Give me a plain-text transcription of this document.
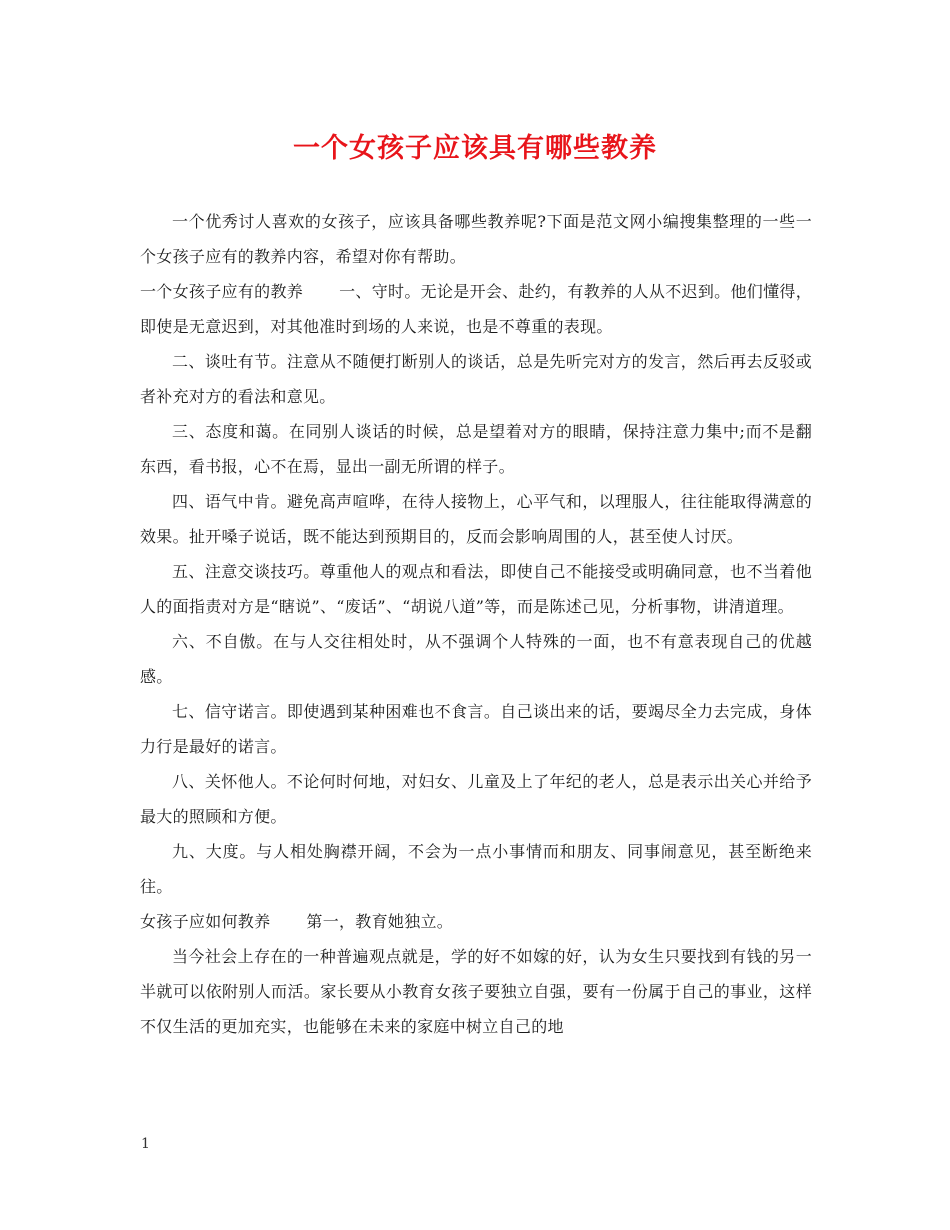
一个女孩子应该具有哪些教养

一个优秀讨人喜欢的女孩子，应该具备哪些教养呢?下面是范文网小编搜集整理的一些一个女孩子应有的教养内容，希望对你有帮助。

一个女孩子应有的教养 一、守时。无论是开会、赴约，有教养的人从不迟到。他们懂得，即使是无意迟到，对其他准时到场的人来说，也是不尊重的表现。

二、谈吐有节。注意从不随便打断别人的谈话，总是先听完对方的发言，然后再去反驳或者补充对方的看法和意见。

三、态度和蔼。在同别人谈话的时候，总是望着对方的眼睛，保持注意力集中;而不是翻东西，看书报，心不在焉，显出一副无所谓的样子。

四、语气中肯。避免高声喧哗，在待人接物上，心平气和，以理服人，往往能取得满意的效果。扯开嗓子说话，既不能达到预期目的，反而会影响周围的人，甚至使人讨厌。

五、注意交谈技巧。尊重他人的观点和看法，即使自己不能接受或明确同意，也不当着他人的面指责对方是“瞎说”、“废话”、“胡说八道”等，而是陈述己见，分析事物，讲清道理。

六、不自傲。在与人交往相处时，从不强调个人特殊的一面，也不有意表现自己的优越感。

七、信守诺言。即使遇到某种困难也不食言。自己谈出来的话，要竭尽全力去完成，身体力行是最好的诺言。

八、关怀他人。不论何时何地，对妇女、儿童及上了年纪的老人，总是表示出关心并给予最大的照顾和方便。

九、大度。与人相处胸襟开阔，不会为一点小事情而和朋友、同事闹意见，甚至断绝来往。

女孩子应如何教养 第一，教育她独立。

当今社会上存在的一种普遍观点就是，学的好不如嫁的好，认为女生只要找到有钱的另一半就可以依附别人而活。家长要从小教育女孩子要独立自强，要有一份属于自己的事业，这样不仅生活的更加充实，也能够在未来的家庭中树立自己的地

1
